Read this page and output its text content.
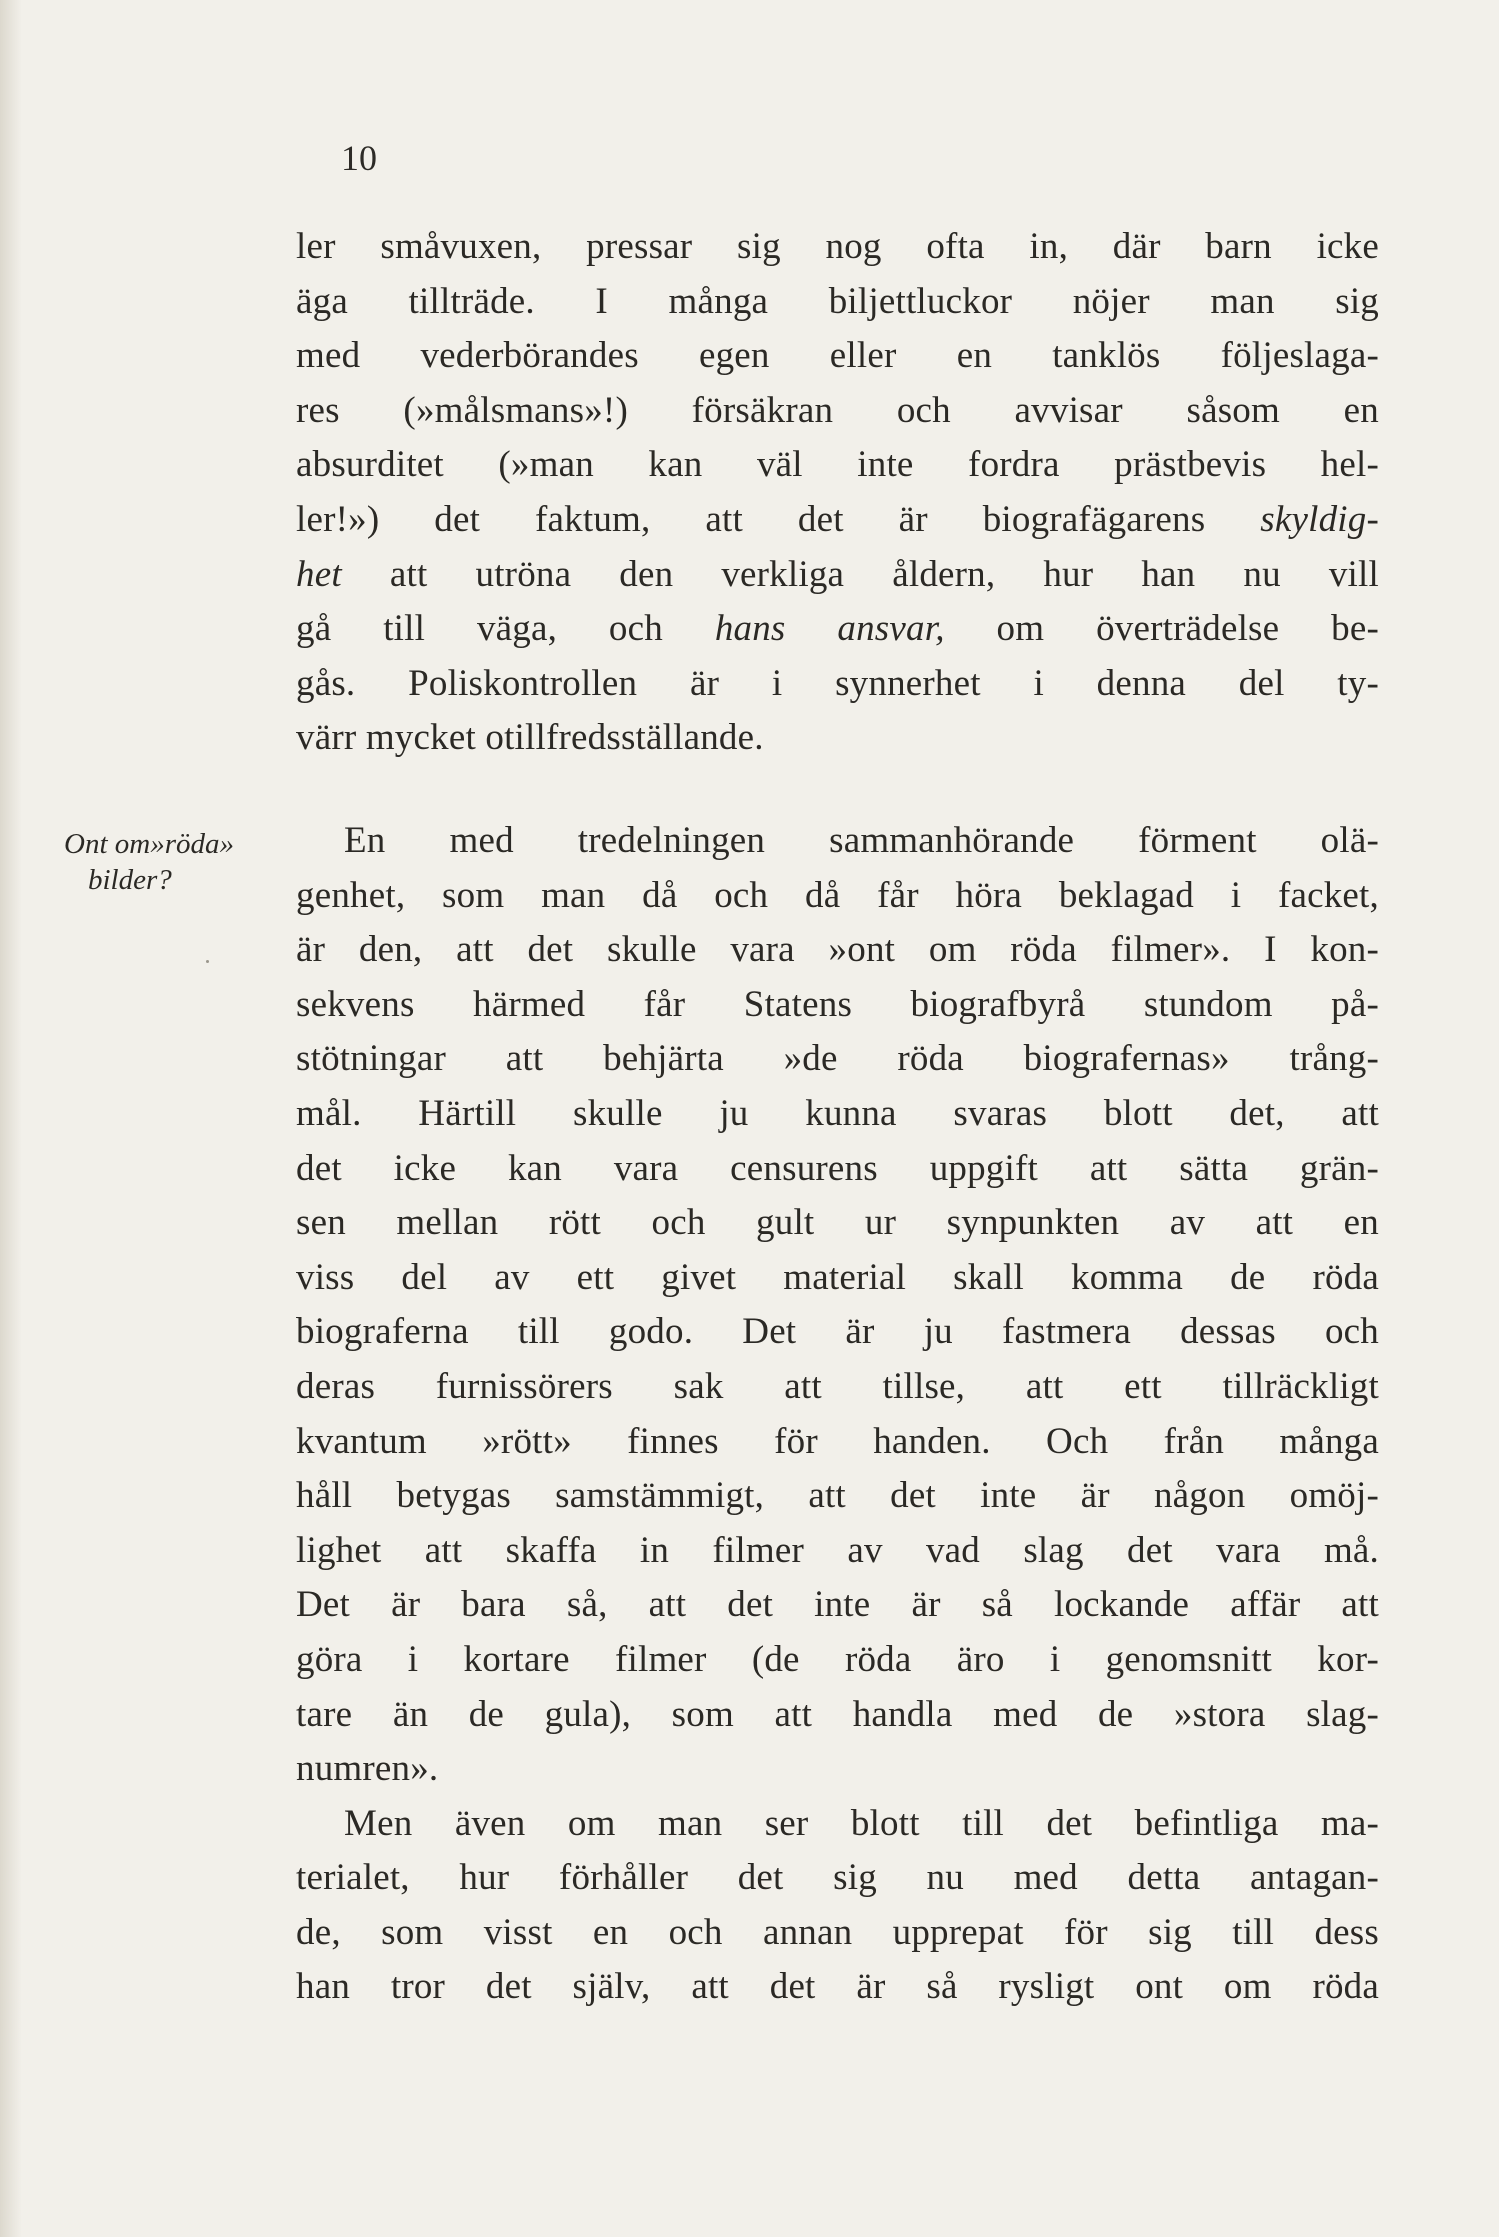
10
ler småvuxen, pressar sig nog ofta in, där barn icke
äga tillträde. I många biljettluckor nöjer man sig
med vederbörandes egen eller en tanklös följeslaga-
res (»målsmans»!) försäkran och avvisar såsom en
absurditet (»man kan väl inte fordra prästbevis hel-
ler!») det faktum, att det är biografägarens skyldig-
het att utröna den verkliga åldern, hur han nu vill
gå till väga, och hans ansvar, om överträdelse be-
gås. Poliskontrollen är i synnerhet i denna del ty-
värr mycket otillfredsställande.
Ont om»röda»
bilder?
En med tredelningen sammanhörande förment olä-
genhet, som man då och då får höra beklagad i facket,
är den, att det skulle vara »ont om röda filmer». I kon-
sekvens härmed får Statens biografbyrå stundom på-
stötningar att behjärta »de röda biografernas» trång-
mål. Härtill skulle ju kunna svaras blott det, att
det icke kan vara censurens uppgift att sätta grän-
sen mellan rött och gult ur synpunkten av att en
viss del av ett givet material skall komma de röda
biograferna till godo. Det är ju fastmera dessas och
deras furnissörers sak att tillse, att ett tillräckligt
kvantum »rött» finnes för handen. Och från många
håll betygas samstämmigt, att det inte är någon omöj-
lighet att skaffa in filmer av vad slag det vara må.
Det är bara så, att det inte är så lockande affär att
göra i kortare filmer (de röda äro i genomsnitt kor-
tare än de gula), som att handla med de »stora slag-
numren».
Men även om man ser blott till det befintliga ma-
terialet, hur förhåller det sig nu med detta antagan-
de, som visst en och annan upprepat för sig till dess
han tror det själv, att det är så rysligt ont om röda
